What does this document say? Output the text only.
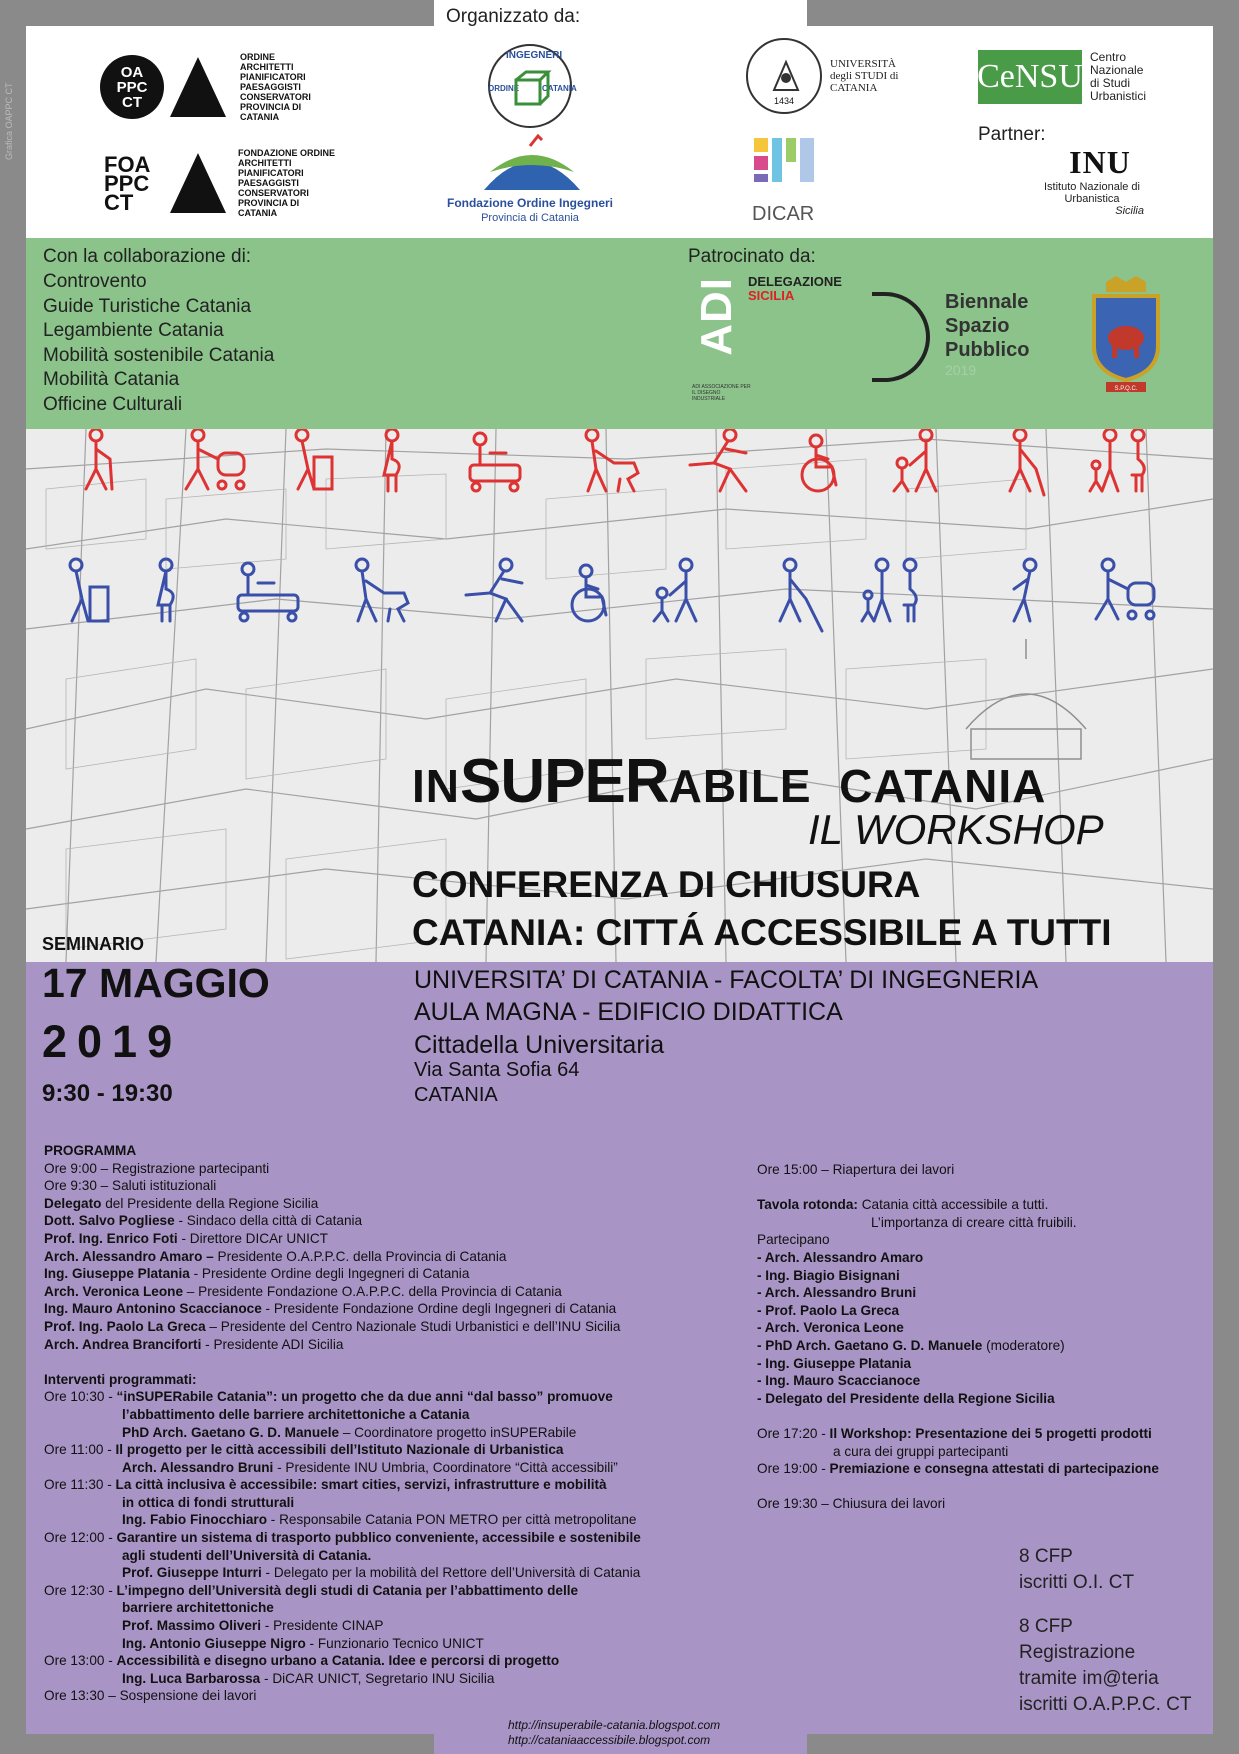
Grafica OAPPC CT
Organizzato da:
OA PPC CT
ORDINE ARCHITETTI PIANIFICATORI PAESAGGISTI CONSERVATORI PROVINCIA DI CATANIA
FOA PPC CT
FONDAZIONE ORDINE ARCHITETTI PIANIFICATORI PAESAGGISTI CONSERVATORI PROVINCIA DI CATANIA
INGEGNERI
ORDINE	CATANIA
Fondazione Ordine Ingegneri
Provincia di Catania
1434
UNIVERSITÀ degli STUDI di CATANIA
DICAR
CeNSU
Centro Nazionale di Studi Urbanistici
Partner:
INU
Istituto Nazionale di Urbanistica
Sicilia
Con la collaborazione di:
Controvento
Guide Turistiche Catania
Legambiente Catania
Mobilità sostenibile Catania
Mobilità Catania
Officine Culturali
Patrocinato da:
ADI DELEGAZIONE
SICILIA
ADI ASSOCIAZIONE PER IL DISEGNO INDUSTRIALE
Biennale
Spazio
Pubblico
2019
S.P.Q.C.
INSUPERABILE CATANIA
IL WORKSHOP
CONFERENZA DI CHIUSURA
CATANIA: CITTÁ ACCESSIBILE A TUTTI
SEMINARIO
17 MAGGIO
2019
9:30 - 19:30
UNIVERSITA’ DI CATANIA - FACOLTA’ DI INGEGNERIA
AULA MAGNA - EDIFICIO DIDATTICA
Cittadella Universitaria
Via Santa Sofia 64
CATANIA
PROGRAMMA
Ore 9:00 – Registrazione partecipanti
Ore 9:30 – Saluti istituzionali
Delegato del Presidente della Regione Sicilia
Dott. Salvo Pogliese - Sindaco della città di Catania
Prof. Ing. Enrico Foti - Direttore DICAr UNICT
Arch. Alessandro Amaro – Presidente O.A.P.P.C. della Provincia di Catania
Ing. Giuseppe Platania - Presidente Ordine degli Ingegneri di Catania
Arch. Veronica Leone – Presidente Fondazione O.A.P.P.C. della Provincia di Catania
Ing. Mauro Antonino Scaccianoce - Presidente Fondazione Ordine degli Ingegneri di Catania
Prof. Ing. Paolo La Greca – Presidente del Centro Nazionale Studi Urbanistici e dell’INU Sicilia
Arch. Andrea Branciforti - Presidente ADI Sicilia
Interventi programmati:
Ore 10:30 - “inSUPERabile Catania”: un progetto che da due anni “dal basso” promuove
l’abbattimento delle barriere architettoniche a Catania
PhD Arch. Gaetano G. D. Manuele – Coordinatore progetto inSUPERabile
Ore 11:00 - Il progetto per le città accessibili dell’Istituto Nazionale di Urbanistica
Arch. Alessandro Bruni - Presidente INU Umbria, Coordinatore “Città accessibili”
Ore 11:30 - La città inclusiva è accessibile: smart cities, servizi, infrastrutture e mobilità
in ottica di fondi strutturali
Ing. Fabio Finocchiaro - Responsabile Catania PON METRO per città metropolitane
Ore 12:00 - Garantire un sistema di trasporto pubblico conveniente, accessibile e sostenibile
agli studenti dell’Università di Catania.
Prof. Giuseppe Inturri - Delegato per la mobilità del Rettore dell’Università di Catania
Ore 12:30 - L’impegno dell’Università degli studi di Catania per l’abbattimento delle
barriere architettoniche
Prof. Massimo Oliveri - Presidente CINAP
Ing. Antonio Giuseppe Nigro - Funzionario Tecnico UNICT
Ore 13:00 - Accessibilità e disegno urbano a Catania. Idee e percorsi di progetto
Ing. Luca Barbarossa - DiCAR UNICT, Segretario INU Sicilia
Ore 13:30 – Sospensione dei lavori
Ore 15:00 – Riapertura dei lavori
Tavola rotonda: Catania città accessibile a tutti.
L’importanza di creare città fruibili.
Partecipano
- Arch. Alessandro Amaro
- Ing. Biagio Bisignani
- Arch. Alessandro Bruni
- Prof. Paolo La Greca
- Arch. Veronica Leone
- PhD Arch. Gaetano G. D. Manuele (moderatore)
- Ing. Giuseppe Platania
- Ing. Mauro Scaccianoce
- Delegato del Presidente della Regione Sicilia
Ore 17:20 - Il Workshop: Presentazione dei 5 progetti prodotti
a cura dei gruppi partecipanti
Ore 19:00 - Premiazione e consegna attestati di partecipazione
Ore 19:30 – Chiusura dei lavori
8 CFP
iscritti O.I. CT
8 CFP
Registrazione
tramite im@teria
iscritti O.A.P.P.C. CT
http://insuperabile-catania.blogspot.com
http://cataniaaccessibile.blogspot.com
